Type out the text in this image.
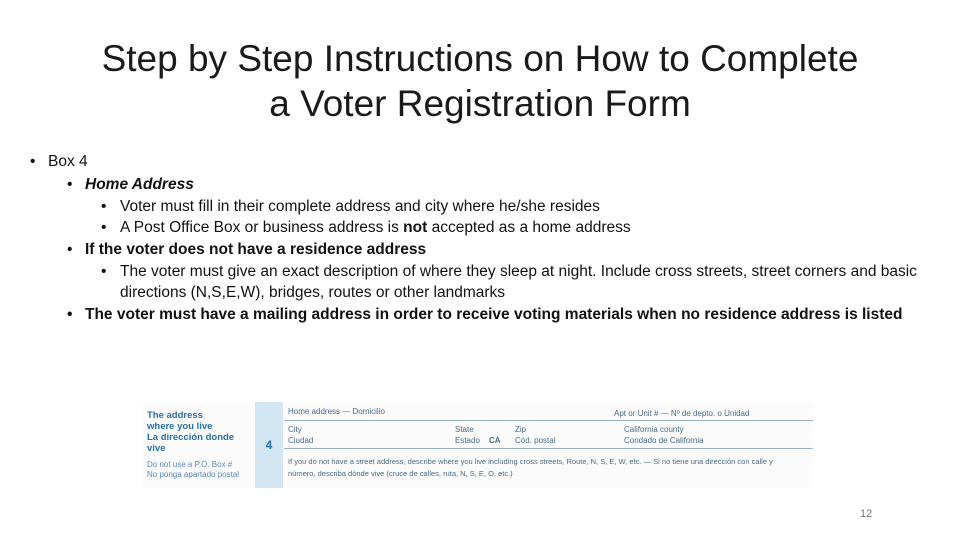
Step by Step Instructions on How to Complete
a Voter Registration Form
• Box 4
• Home Address
• Voter must fill in their complete address and city where he/she resides
• A Post Office Box or business address is not accepted as a home address
• If the voter does not have a residence address
• The voter must give an exact description of where they sleep at night. Include cross streets, street corners and basic directions (N,S,E,W), bridges, routes or other landmarks
• The voter must have a mailing address in order to receive voting materials when no residence address is listed
The address
where you live
La dirección donde vive
Do not use a P.O. Box #
No ponga apartado postal
4
Home address — Domicilio	Apt or Unit # — Nº de depto. o Unidad
City
Ciudad
State
Estado CA
Zip
Cód. postal
California county
Condado de California
If you do not have a street address, describe where you live including cross streets, Route, N, S, E, W, etc. — Si no tiene una dirección con calle y
número, describa dónde vive (cruce de calles, ruta, N, S, E, O, etc.)
12
